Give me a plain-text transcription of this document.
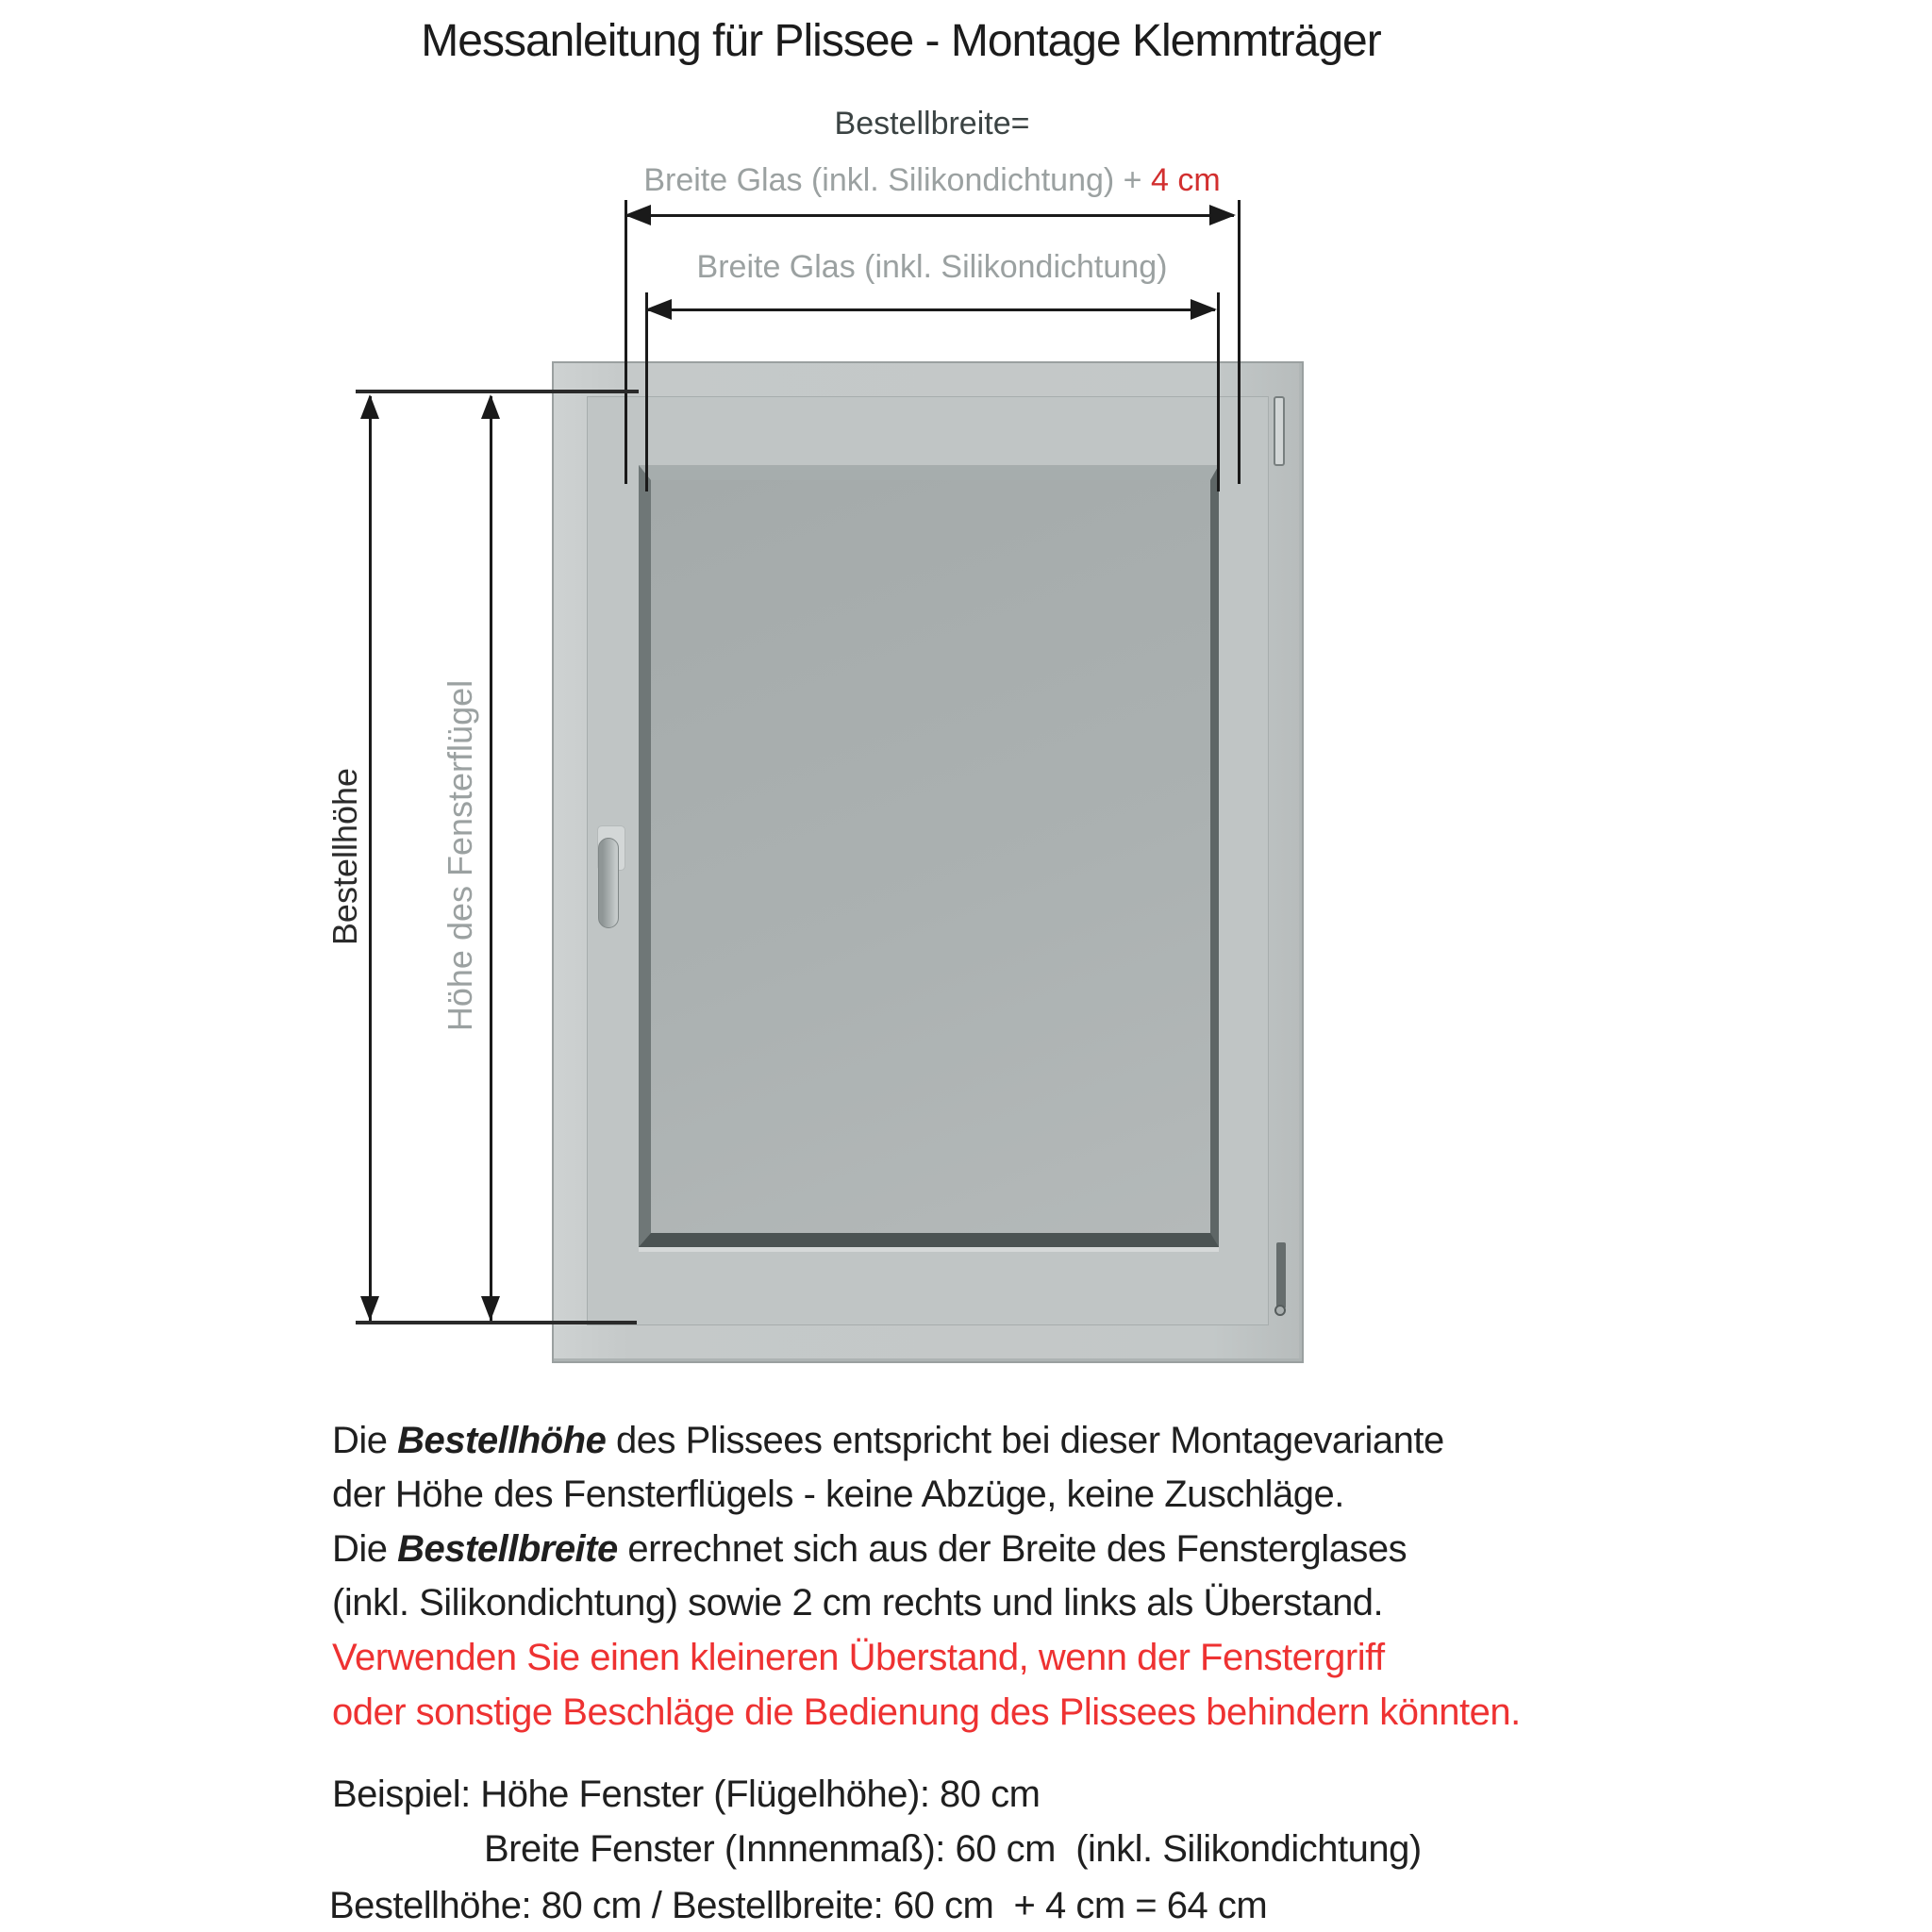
Messanleitung für Plissee - Montage Klemmträger
Bestellbreite=
Breite Glas (inkl. Silikondichtung) + 4 cm
Breite Glas (inkl. Silikondichtung)
Bestellhöhe Höhe des Fensterflügel
Die Bestellhöhe des Plissees entspricht bei dieser Montagevariante
der Höhe des Fensterflügels - keine Abzüge, keine Zuschläge.
Die Bestellbreite errechnet sich aus der Breite des Fensterglases
(inkl. Silikondichtung) sowie 2 cm rechts und links als Überstand.
Verwenden Sie einen kleineren Überstand, wenn der Fenstergriff
oder sonstige Beschläge die Bedienung des Plissees behindern könnten.
Beispiel: Höhe Fenster (Flügelhöhe): 80 cm
Breite Fenster (Innnenmaß): 60 cm  (inkl. Silikondichtung)
Bestellhöhe: 80 cm / Bestellbreite: 60 cm  + 4 cm = 64 cm
